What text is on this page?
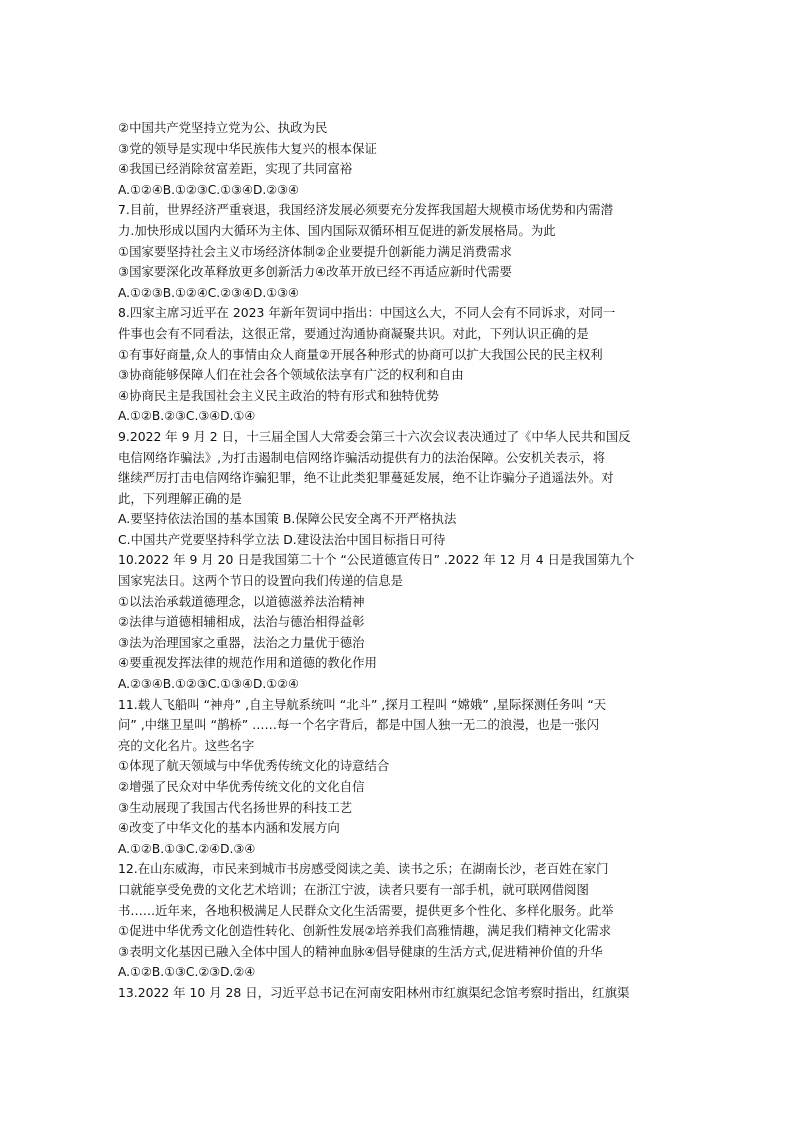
②中国共产党坚持立党为公、执政为民
③党的领导是实现中华民族伟大复兴的根本保证
④我国已经消除贫富差距，实现了共同富裕
A.①②④B.①②③C.①③④D.②③④
7.目前，世界经济严重衰退，我国经济发展必须要充分发挥我国超大规模市场优势和内需潜
力.加快形成以国内大循环为主体、国内国际双循环相互促进的新发展格局。为此
①国家要坚持社会主义市场经济体制②企业要提升创新能力满足消费需求
③国家要深化改革释放更多创新活力④改革开放已经不再适应新时代需要
A.①②③B.①②④C.②③④D.①③④
8.四家主席习近平在 2023 年新年贺词中指出：中国这么大，不同人会有不同诉求，对同一
件事也会有不同看法，这很正常，要通过沟通协商凝聚共识。对此，下列认识正确的是
①有事好商量,众人的事情由众人商量②开展各种形式的协商可以扩大我国公民的民主权利
③协商能够保障人们在社会各个领域依法享有广泛的权利和自由
④协商民主是我国社会主义民主政治的特有形式和独特优势
A.①②B.②③C.③④D.①④
9.2022 年 9 月 2 日，十三届全国人大常委会第三十六次会议表决通过了《中华人民共和国反
电信网络诈骗法》,为打击遏制电信网络诈骗活动提供有力的法治保障。公安机关表示，将
继续严厉打击电信网络诈骗犯罪，绝不让此类犯罪蔓延发展，绝不让诈骗分子逍遥法外。对
此，下列理解正确的是
A.要坚持依法治国的基本国策 B.保障公民安全离不开严格执法
C.中国共产党要坚持科学立法 D.建设法治中国目标指日可待
10.2022 年 9 月 20 日是我国第二十个 “公民道德宣传日” .2022 年 12 月 4 日是我国第九个
国家宪法日。这两个节日的设置向我们传递的信息是
①以法治承载道德理念，以道德滋养法治精神
②法律与道德相辅相成，法治与德治相得益彰
③法为治理国家之重器，法治之力量优于德治
④要重视发挥法律的规范作用和道德的教化作用
A.②③④B.①②③C.①③④D.①②④
11.载人飞船叫 “神舟” ,自主导航系统叫 “北斗” ,探月工程叫 “嫦娥” ,星际探测任务叫 “天
问” ,中继卫星叫 “鹊桥” ……每一个名字背后，都是中国人独一无二的浪漫，也是一张闪
亮的文化名片。这些名字
①体现了航天领域与中华优秀传统文化的诗意结合
②增强了民众对中华优秀传统文化的文化自信
③生动展现了我国古代名扬世界的科技工艺
④改变了中华文化的基本内涵和发展方向
A.①②B.①③C.②④D.③④
12.在山东威海，市民来到城市书房感受阅读之美、读书之乐；在湖南长沙，老百姓在家门
口就能享受免费的文化艺术培训；在浙江宁波，读者只要有一部手机，就可联网借阅图
书……近年来，各地积极满足人民群众文化生活需要，提供更多个性化、多样化服务。此举
①促进中华优秀文化创造性转化、创新性发展②培养我们高雅情趣，满足我们精神文化需求
③表明文化基因已融入全体中国人的精神血脉④倡导健康的生活方式,促进精神价值的升华
A.①②B.①③C.②③D.②④
13.2022 年 10 月 28 日，习近平总书记在河南安阳林州市红旗渠纪念馆考察时指出，红旗渠
